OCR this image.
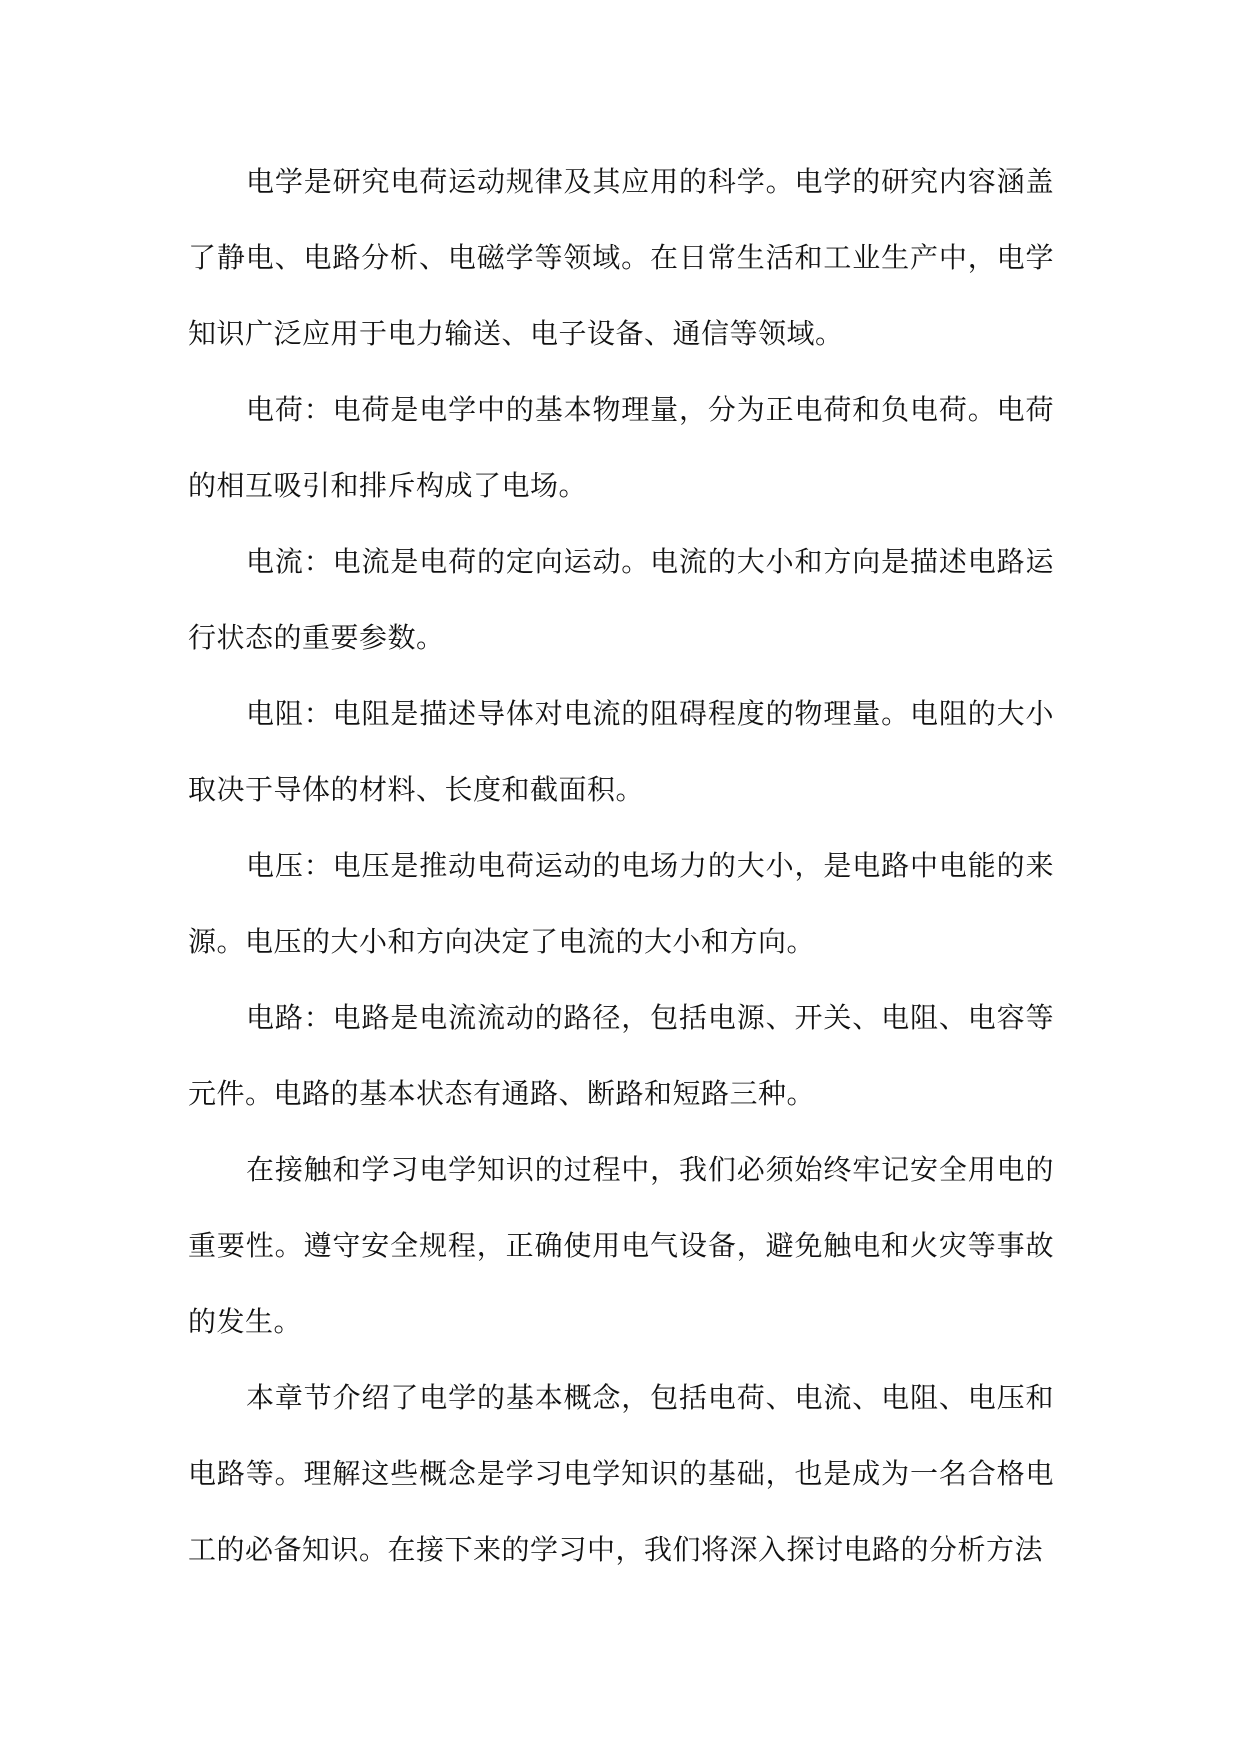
电学是研究电荷运动规律及其应用的科学。电学的研究内容涵盖了静电、电路分析、电磁学等领域。在日常生活和工业生产中，电学知识广泛应用于电力输送、电子设备、通信等领域。

电荷：电荷是电学中的基本物理量，分为正电荷和负电荷。电荷的相互吸引和排斥构成了电场。

电流：电流是电荷的定向运动。电流的大小和方向是描述电路运行状态的重要参数。

电阻：电阻是描述导体对电流的阻碍程度的物理量。电阻的大小取决于导体的材料、长度和截面积。

电压：电压是推动电荷运动的电场力的大小，是电路中电能的来源。电压的大小和方向决定了电流的大小和方向。

电路：电路是电流流动的路径，包括电源、开关、电阻、电容等元件。电路的基本状态有通路、断路和短路三种。

在接触和学习电学知识的过程中，我们必须始终牢记安全用电的重要性。遵守安全规程，正确使用电气设备，避免触电和火灾等事故的发生。

本章节介绍了电学的基本概念，包括电荷、电流、电阻、电压和电路等。理解这些概念是学习电学知识的基础，也是成为一名合格电工的必备知识。在接下来的学习中，我们将深入探讨电路的分析方法
